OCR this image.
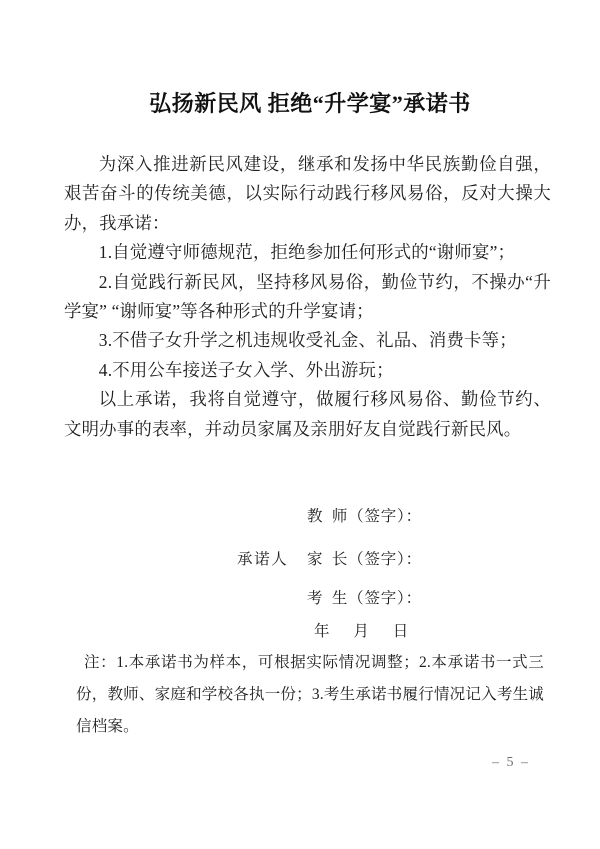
弘扬新民风 拒绝“升学宴”承诺书

为深入推进新民风建设，继承和发扬中华民族勤俭自强，艰苦奋斗的传统美德，以实际行动践行移风易俗，反对大操大办，我承诺：

1.自觉遵守师德规范，拒绝参加任何形式的“谢师宴”；

2.自觉践行新民风，坚持移风易俗，勤俭节约，不操办“升学宴” “谢师宴”等各种形式的升学宴请；

3.不借子女升学之机违规收受礼金、礼品、消费卡等；

4.不用公车接送子女入学、外出游玩；

以上承诺，我将自觉遵守，做履行移风易俗、勤俭节约、文明办事的表率，并动员家属及亲朋好友自觉践行新民风。

教 师（签字）：
承诺人 家 长（签字）：
考 生（签字）：
年　 月　 日
注：1.本承诺书为样本，可根据实际情况调整；2.本承诺书一式三份，教师、家庭和学校各执一份；3.考生承诺书履行情况记入考生诚信档案。
– 5 –
